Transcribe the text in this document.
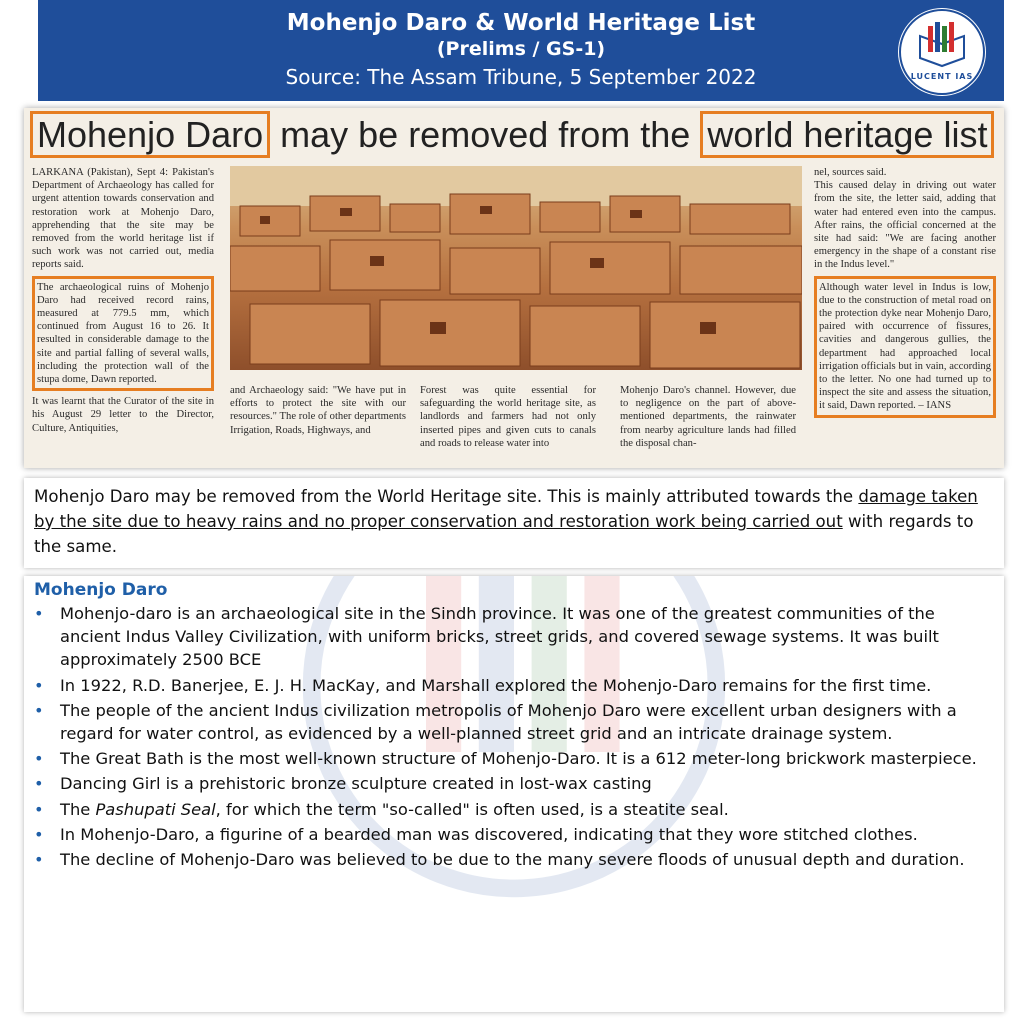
Mohenjo Daro & World Heritage List
(Prelims / GS-1)
Source: The Assam Tribune, 5 September 2022	LUCENT IAS
Mohenjo Daro may be removed from the world heritage list
LARKANA (Pakistan), Sept 4: Pakistan's Department of Archaeology has called for urgent attention towards conservation and restoration work at Mohenjo Daro, apprehending that the site may be removed from the world heritage list if such work was not carried out, media reports said.
The archaeological ruins of Mohenjo Daro had received record rains, measured at 779.5 mm, which continued from August 16 to 26. It resulted in considerable damage to the site and partial falling of several walls, including the protection wall of the stupa dome, Dawn reported.
It was learnt that the Curator of the site in his August 29 letter to the Director, Culture, Antiquities,
and Archaeology said: "We have put in efforts to protect the site with our resources." The role of other departments Irrigation, Roads, Highways, and
Forest was quite essential for safeguarding the world heritage site, as landlords and farmers had not only inserted pipes and given cuts to canals and roads to release water into
Mohenjo Daro's channel. However, due to negligence on the part of above-mentioned departments, the rainwater from nearby agriculture lands had filled the disposal chan-
nel, sources said.
This caused delay in driving out water from the site, the letter said, adding that water had entered even into the campus. After rains, the official concerned at the site had said: "We are facing another emergency in the shape of a constant rise in the Indus level."
Although water level in Indus is low, due to the construction of metal road on the protection dyke near Mohenjo Daro, paired with occurrence of fissures, cavities and dangerous gullies, the department had approached local irrigation officials but in vain, according to the letter. No one had turned up to inspect the site and assess the situation, it said, Dawn reported. – IANS

Mohenjo Daro may be removed from the World Heritage site. This is mainly attributed towards the damage taken by the site due to heavy rains and no proper conservation and restoration work being carried out with regards to the same.

Mohenjo Daro
• Mohenjo-daro is an archaeological site in the Sindh province. It was one of the greatest communities of the ancient Indus Valley Civilization, with uniform bricks, street grids, and covered sewage systems. It was built approximately 2500 BCE
• In 1922, R.D. Banerjee, E. J. H. MacKay, and Marshall explored the Mohenjo-Daro remains for the first time.
• The people of the ancient Indus civilization metropolis of Mohenjo Daro were excellent urban designers with a regard for water control, as evidenced by a well-planned street grid and an intricate drainage system.
• The Great Bath is the most well-known structure of Mohenjo-Daro. It is a 612 meter-long brickwork masterpiece.
• Dancing Girl is a prehistoric bronze sculpture created in lost-wax casting
• The Pashupati Seal, for which the term "so-called" is often used, is a steatite seal.
• In Mohenjo-Daro, a figurine of a bearded man was discovered, indicating that they wore stitched clothes.
• The decline of Mohenjo-Daro was believed to be due to the many severe floods of unusual depth and duration.
